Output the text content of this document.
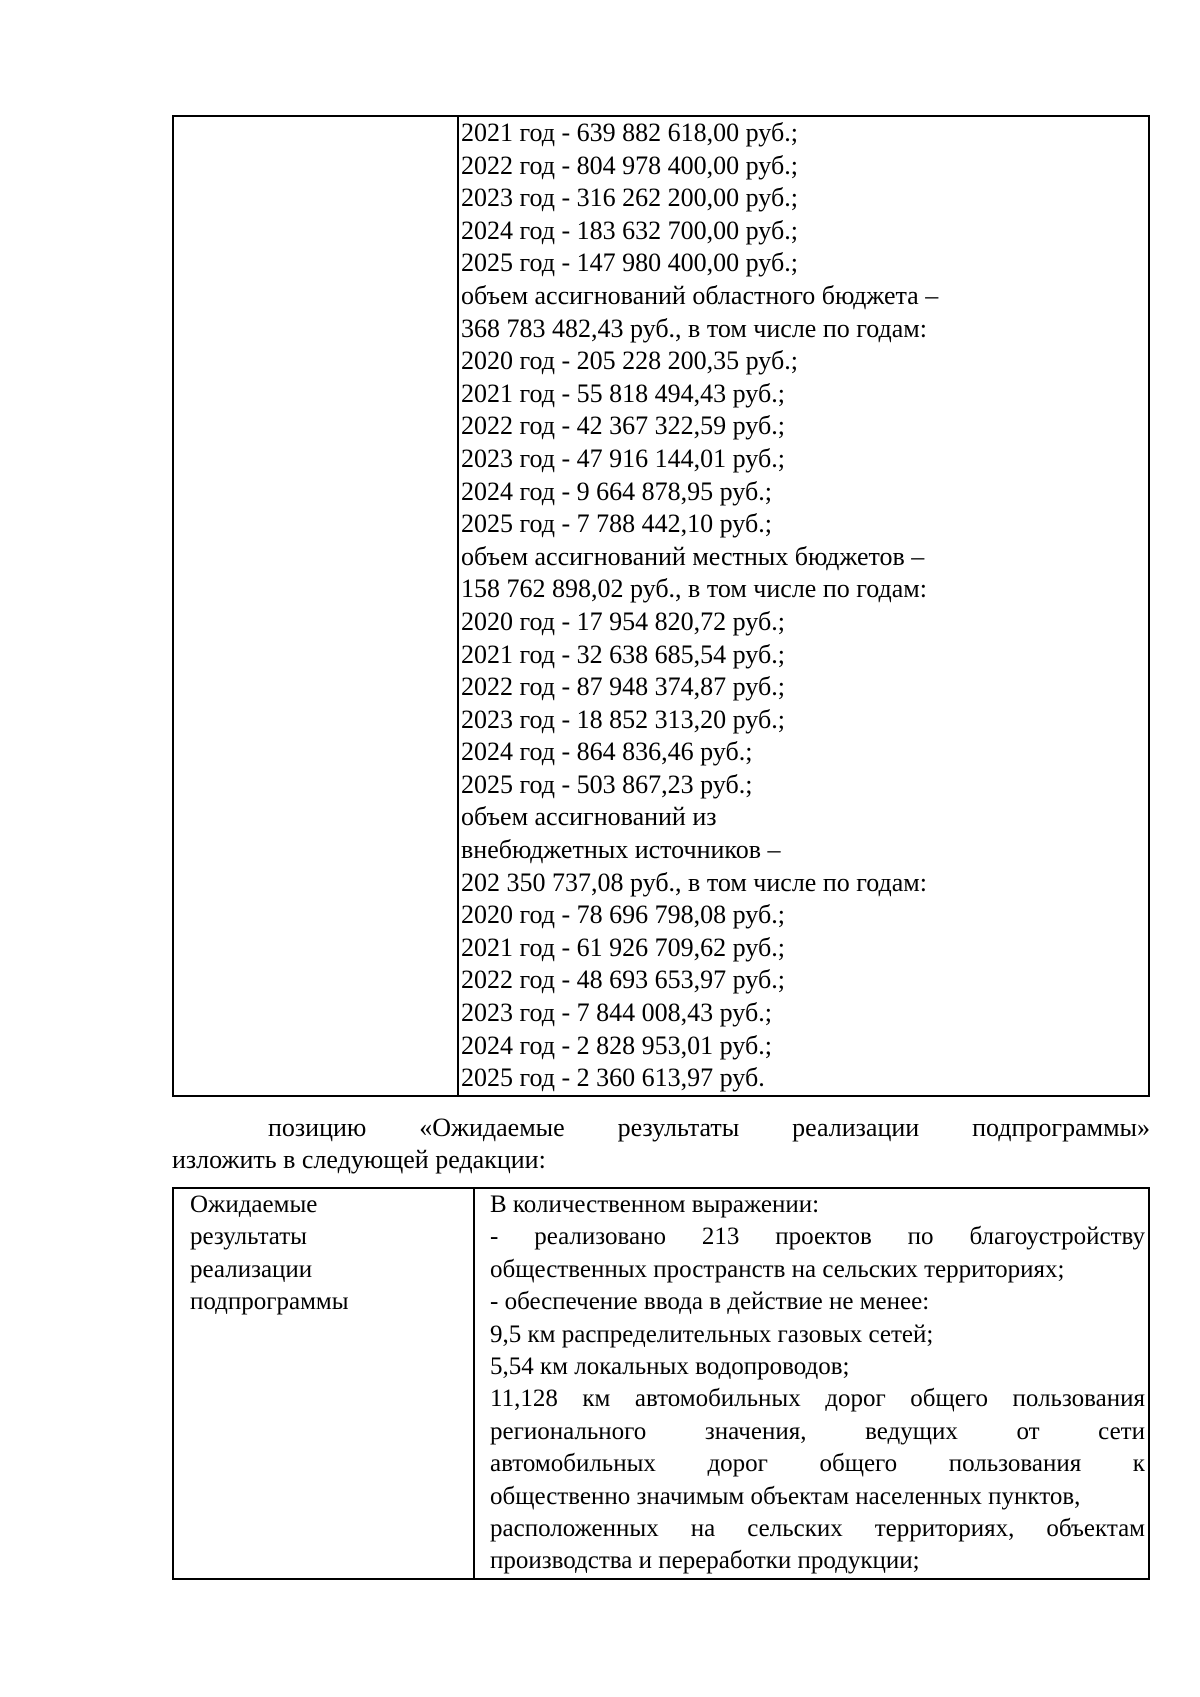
2021 год - 639 882 618,00 руб.;
2022 год - 804 978 400,00 руб.;
2023 год - 316 262 200,00 руб.;
2024 год - 183 632 700,00 руб.;
2025 год - 147 980 400,00 руб.;
объем ассигнований областного бюджета –
368 783 482,43 руб., в том числе по годам:
2020 год - 205 228 200,35 руб.;
2021 год - 55 818 494,43 руб.;
2022 год - 42 367 322,59 руб.;
2023 год - 47 916 144,01 руб.;
2024 год - 9 664 878,95 руб.;
2025 год - 7 788 442,10 руб.;
объем ассигнований местных бюджетов –
158 762 898,02 руб., в том числе по годам:
2020 год - 17 954 820,72 руб.;
2021 год - 32 638 685,54 руб.;
2022 год - 87 948 374,87 руб.;
2023 год - 18 852 313,20 руб.;
2024 год - 864 836,46 руб.;
2025 год - 503 867,23 руб.;
объем ассигнований из
внебюджетных источников –
202 350 737,08 руб., в том числе по годам:
2020 год - 78 696 798,08 руб.;
2021 год - 61 926 709,62 руб.;
2022 год - 48 693 653,97 руб.;
2023 год - 7 844 008,43 руб.;
2024 год - 2 828 953,01 руб.;
2025 год - 2 360 613,97 руб.
позицию «Ожидаемые результаты реализации подпрограммы»
изложить в следующей редакции:
Ожидаемые
результаты
реализации
подпрограммы

В количественном выражении:
- реализовано 213 проектов по благоустройству
общественных пространств на сельских территориях;
- обеспечение ввода в действие не менее:
9,5 км распределительных газовых сетей;
5,54 км локальных водопроводов;
11,128 км автомобильных дорог общего пользования
регионального значения, ведущих от сети
автомобильных дорог общего пользования к
общественно значимым объектам населенных пунктов,
расположенных на сельских территориях, объектам
производства и переработки продукции;
